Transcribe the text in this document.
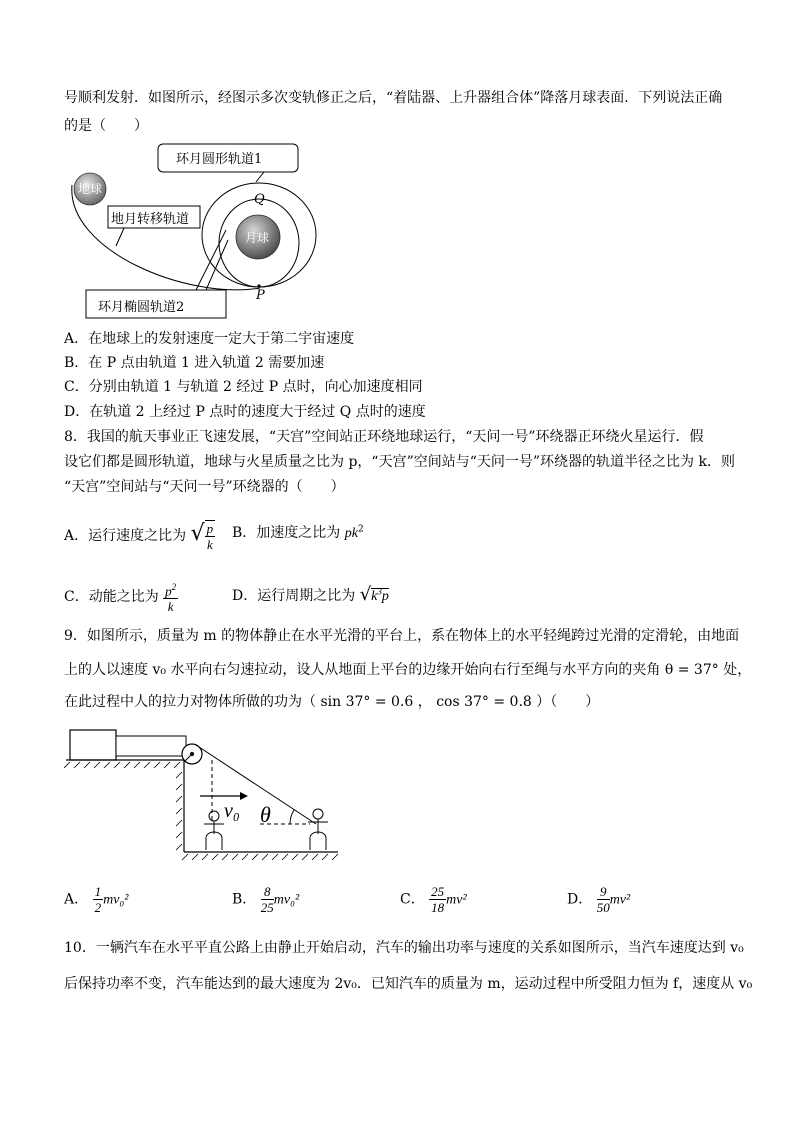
号顺利发射．如图所示，经图示多次变轨修正之后，“着陆器、上升器组合体”降落月球表面．下列说法正确
的是（　　）
环月圆形轨道1
Q
地球
地月转移轨道
月球
环月椭圆轨道2
P
A．在地球上的发射速度一定大于第二宇宙速度
B．在 P 点由轨道 1 进入轨道 2 需要加速
C．分别由轨道 1 与轨道 2 经过 P 点时，向心加速度相同
D．在轨道 2 上经过 P 点时的速度大于经过 Q 点时的速度
8．我国的航天事业正飞速发展，“天宫”空间站正环绕地球运行，“天问一号”环绕器正环绕火星运行．假
设它们都是圆形轨道，地球与火星质量之比为 p，“天宫”空间站与“天问一号”环绕器的轨道半径之比为 k．则
“天宫”空间站与“天问一号”环绕器的（　　）
A．运行速度之比为 √ $\frac{p}{k}$ B．加速度之比为 $pk^2$
C．动能之比为 $\frac{p^2}{k}$	D．运行周期之比为 $√k^3p$
9．如图所示，质量为 m 的物体静止在水平光滑的平台上，系在物体上的水平轻绳跨过光滑的定滑轮，由地面
上的人以速度 v₀ 水平向右匀速拉动，设人从地面上平台的边缘开始向右行至绳与水平方向的夹角 θ = 37° 处，
在此过程中人的拉力对物体所做的功为（ sin 37° = 0.6 ， cos 37° = 0.8 ）（　　）
v₀ θ
A． $\frac{1}{2} mv_0^2$	B． $\frac{8}{25} mv_0^2$	C． $\frac{25}{18} mv^2$	D． $\frac{9}{50} mv^2$
10．一辆汽车在水平平直公路上由静止开始启动，汽车的输出功率与速度的关系如图所示，当汽车速度达到 v₀
后保持功率不变，汽车能达到的最大速度为 2v₀．已知汽车的质量为 m，运动过程中所受阻力恒为 f，速度从 v₀
